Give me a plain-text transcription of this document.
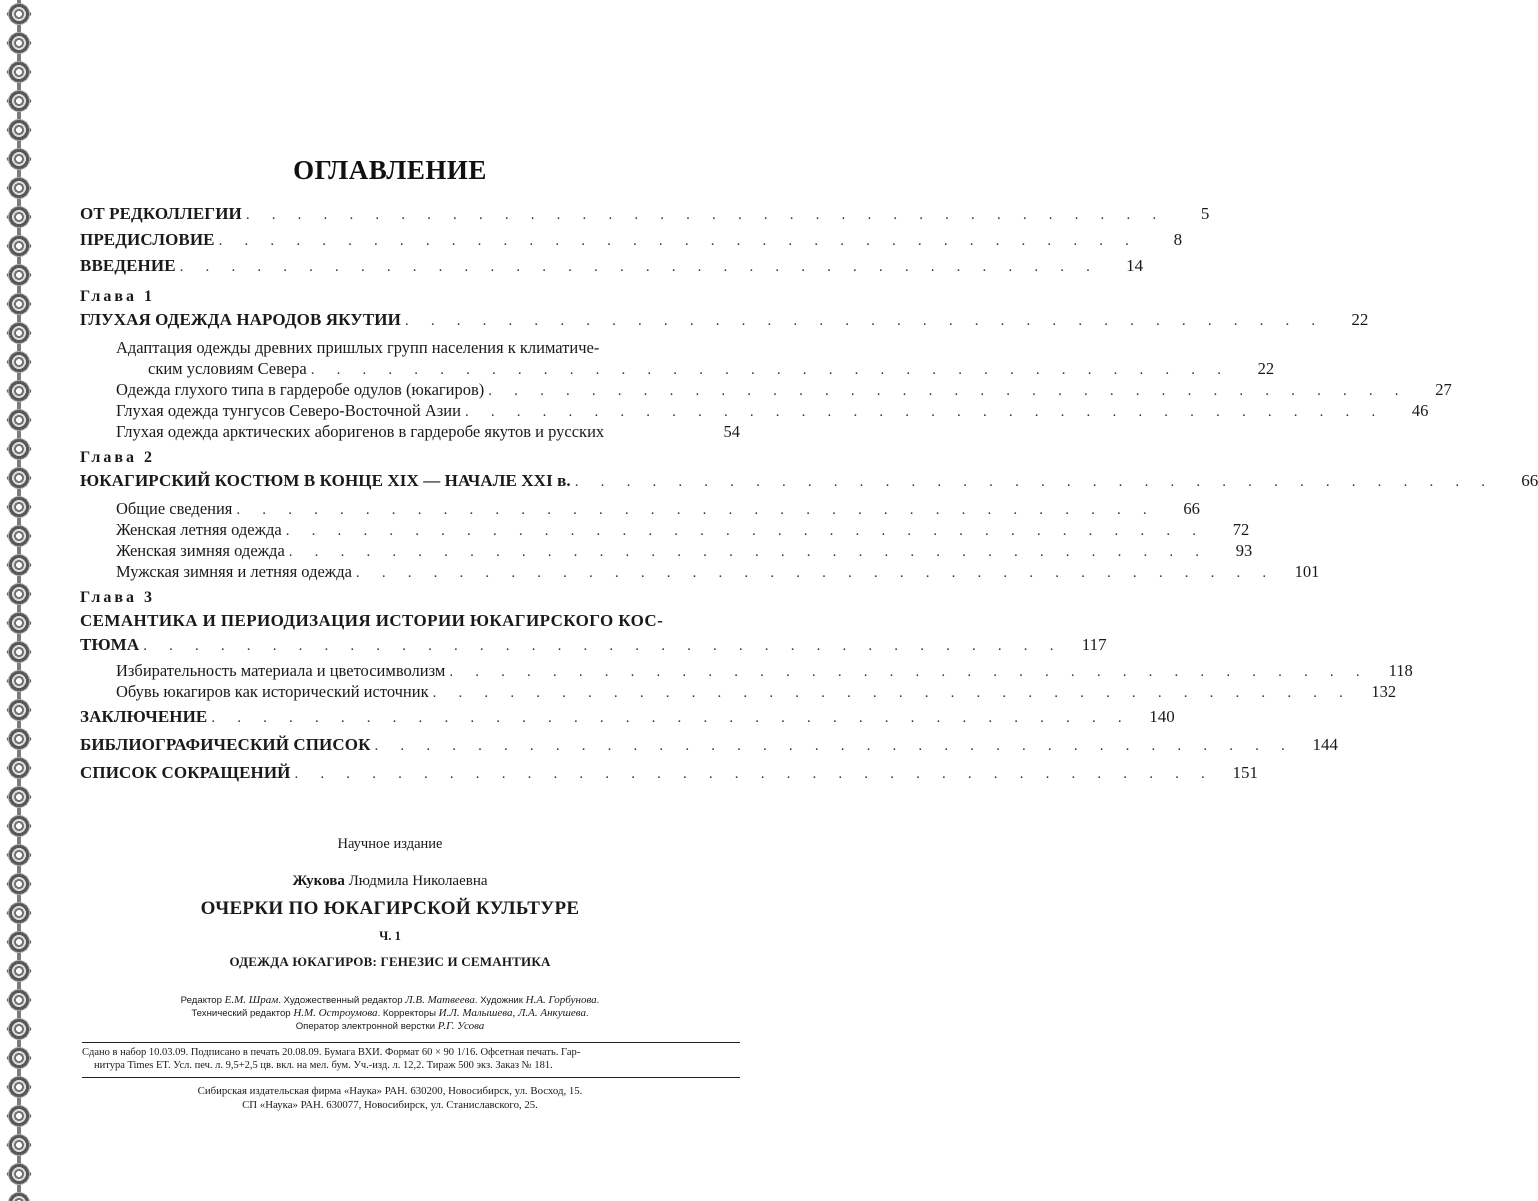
ОГЛАВЛЕНИЕ
ОТ РЕДКОЛЛЕГИИ . . . . . . . . . . . . . . . . . . . . . . . . . . . . . . . . . . . .	5
ПРЕДИСЛОВИЕ . . . . . . . . . . . . . . . . . . . . . . . . . . . . . . . . . . . .	8
ВВЕДЕНИЕ . . . . . . . . . . . . . . . . . . . . . . . . . . . . . . . . . . . .	14
Глава 1
ГЛУХАЯ ОДЕЖДА НАРОДОВ ЯКУТИИ . . . . . . . . . . . . . . . . . . . . . . . . . . . . . . . . . . . .	22
Адаптация одежды древних пришлых групп населения к климатиче-
ским условиям Севера . . . . . . . . . . . . . . . . . . . . . . . . . . . . . . . . . . . .	22
Одежда глухого типа в гардеробе одулов (юкагиров) . . . . . . . . . . . . . . . . . . . . . . . . . . . . . . . . . . . .	27
Глухая одежда тунгусов Северо-Восточной Азии . . . . . . . . . . . . . . . . . . . . . . . . . . . . . . . . . . . .	46
Глухая одежда арктических аборигенов в гардеробе якутов и русских	54
Глава 2
ЮКАГИРСКИЙ КОСТЮМ В КОНЦЕ XIX — НАЧАЛЕ XXI в. . . . . . . . . . . . . . . . . . . . . . . . . . . . . . . . . . . . .	66
Общие сведения . . . . . . . . . . . . . . . . . . . . . . . . . . . . . . . . . . . .	66
Женская летняя одежда . . . . . . . . . . . . . . . . . . . . . . . . . . . . . . . . . . . .	72
Женская зимняя одежда . . . . . . . . . . . . . . . . . . . . . . . . . . . . . . . . . . . .	93
Мужская зимняя и летняя одежда . . . . . . . . . . . . . . . . . . . . . . . . . . . . . . . . . . . .	101
Глава 3
СЕМАНТИКА И ПЕРИОДИЗАЦИЯ ИСТОРИИ ЮКАГИРСКОГО КОС-
ТЮМА . . . . . . . . . . . . . . . . . . . . . . . . . . . . . . . . . . . .	117
Избирательность материала и цветосимволизм . . . . . . . . . . . . . . . . . . . . . . . . . . . . . . . . . . . .	118
Обувь юкагиров как исторический источник . . . . . . . . . . . . . . . . . . . . . . . . . . . . . . . . . . . .	132
ЗАКЛЮЧЕНИЕ . . . . . . . . . . . . . . . . . . . . . . . . . . . . . . . . . . . . 140
БИБЛИОГРАФИЧЕСКИЙ СПИСОК . . . . . . . . . . . . . . . . . . . . . . . . . . . . . . . . . . . . 144
СПИСОК СОКРАЩЕНИЙ . . . . . . . . . . . . . . . . . . . . . . . . . . . . . . . . . . . . 151
Научное издание
Жукова Людмила Николаевна
ОЧЕРКИ ПО ЮКАГИРСКОЙ КУЛЬТУРЕ
Ч. 1
ОДЕЖДА ЮКАГИРОВ: ГЕНЕЗИС И СЕМАНТИКА
Редактор Е.М. Шрам. Художественный редактор Л.В. Матвеева. Художник Н.А. Горбунова.
Технический редактор Н.М. Остроумова. Корректоры И.Л. Малышева, Л.А. Анкушева.
Оператор электронной верстки Р.Г. Усова
Сдано в набор 10.03.09. Подписано в печать 20.08.09. Бумага ВХИ. Формат 60 × 90 1/16. Офсетная печать. Гар-
нитура Times ET. Усл. печ. л. 9,5+2,5 цв. вкл. на мел. бум. Уч.-изд. л. 12,2. Тираж 500 экз. Заказ № 181.
Сибирская издательская фирма «Наука» РАН. 630200, Новосибирск, ул. Восход, 15.
СП «Наука» РАН. 630077, Новосибирск, ул. Станиславского, 25.
